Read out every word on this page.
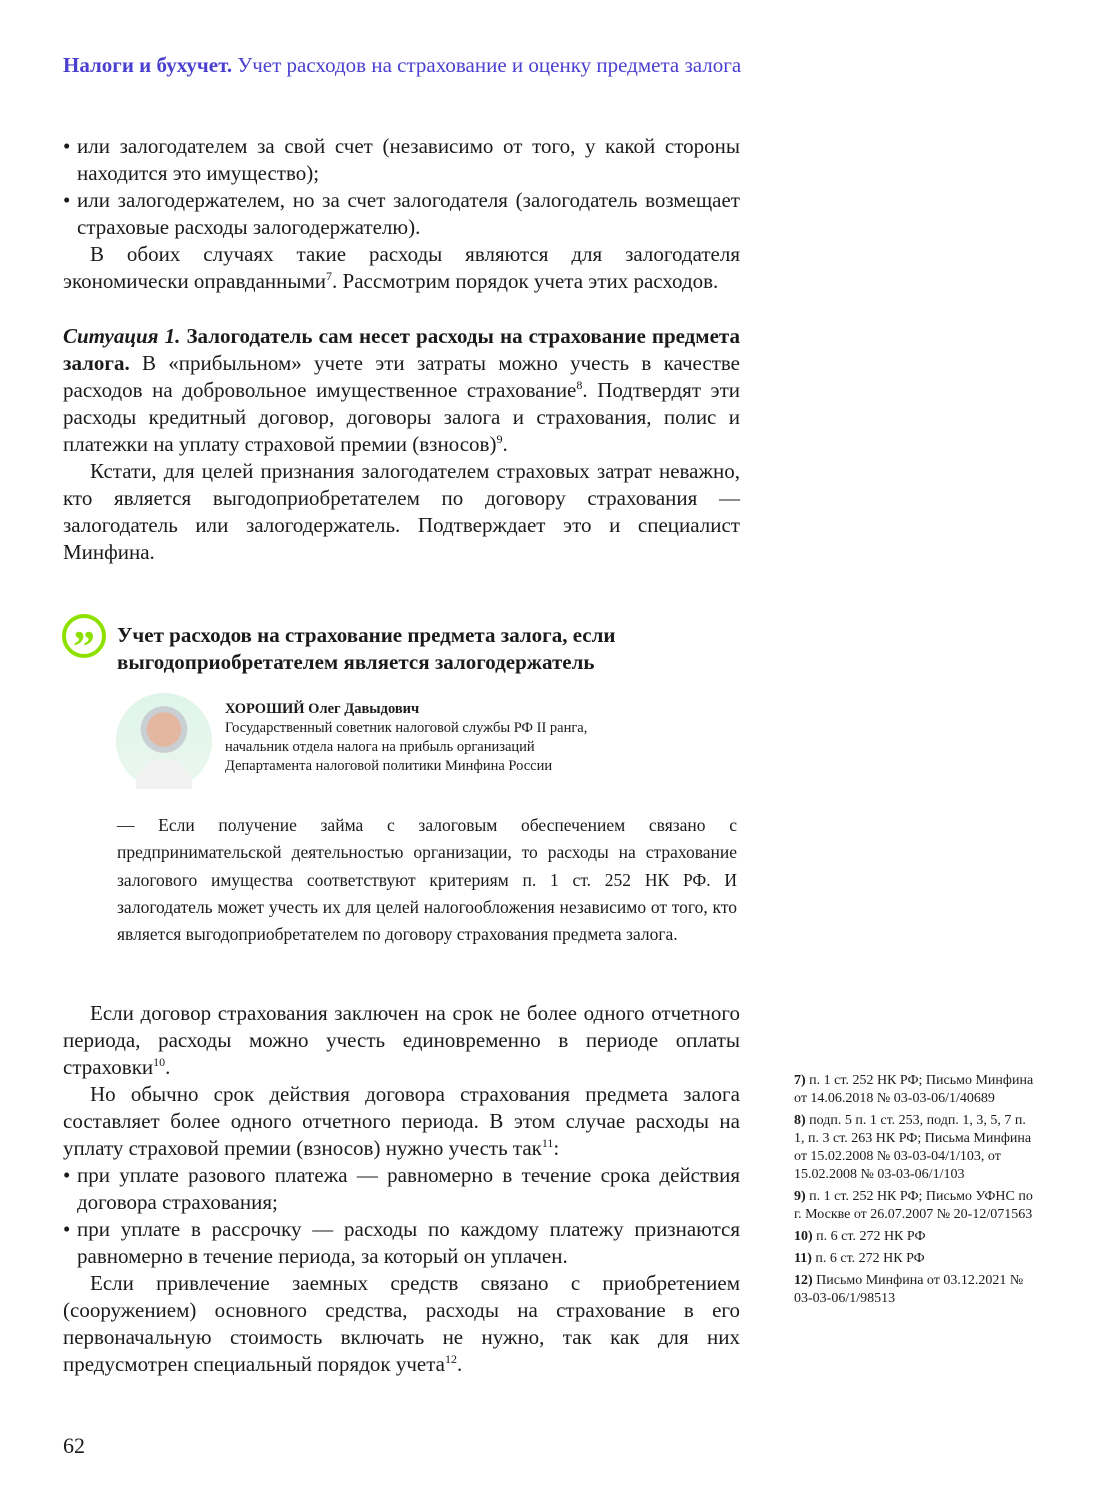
Налоги и бухучет. Учет расходов на страхование и оценку предмета залога

• или залогодателем за свой счет (независимо от того, у какой стороны находится это имущество);

• или залогодержателем, но за счет залогодателя (залогодатель возмещает страховые расходы залогодержателю).

В обоих случаях такие расходы являются для залогодателя экономически оправданными$^7$. Рассмотрим порядок учета этих расходов.

Ситуация 1. Залогодатель сам несет расходы на страхование предмета залога. В «прибыльном» учете эти затраты можно учесть в качестве расходов на добровольное имущественное страхование$^8$. Подтвердят эти расходы кредитный договор, договоры залога и страхования, полис и платежки на уплату страховой премии (взносов)$^9$.

Кстати, для целей признания залогодателем страховых затрат неважно, кто является выгодоприобретателем по договору страхования — залогодатель или залогодержатель. Подтверждает это и специалист Минфина.

”	Учет расходов на страхование предмета залога, если выгодоприобретателем является залогодержатель
ХОРОШИЙ Олег Давыдович
Государственный советник налоговой службы РФ II ранга,
начальник отдела налога на прибыль организаций
Департамента налоговой политики Минфина России
— Если получение займа с залоговым обеспечением связано с предпринимательской деятельностью организации, то расходы на страхование залогового имущества соответствуют критериям п. 1 ст. 252 НК РФ. И залогодатель может учесть их для целей налогообложения независимо от того, кто является выгодоприобретателем по договору страхования предмета залога.

Если договор страхования заключен на срок не более одного отчетного периода, расходы можно учесть единовременно в периоде оплаты страховки$^{10}$.

Но обычно срок действия договора страхования предмета залога составляет более одного отчетного периода. В этом случае расходы на уплату страховой премии (взносов) нужно учесть так$^{11}$:

• при уплате разового платежа — равномерно в течение срока действия договора страхования;

• при уплате в рассрочку — расходы по каждому платежу признаются равномерно в течение периода, за который он уплачен.

Если привлечение заемных средств связано с приобретением (сооружением) основного средства, расходы на страхование в его первоначальную стоимость включать не нужно, так как для них предусмотрен специальный порядок учета$^{12}$.

7) п. 1 ст. 252 НК РФ; Письмо Минфина от 14.06.2018 № 03-03-06/1/40689

8) подп. 5 п. 1 ст. 253, подп. 1, 3, 5, 7 п. 1, п. 3 ст. 263 НК РФ; Письма Минфина от 15.02.2008 № 03-03-04/1/103, от 15.02.2008 № 03-03-06/1/103

9) п. 1 ст. 252 НК РФ; Письмо УФНС по г. Москве от 26.07.2007 № 20-12/071563

10) п. 6 ст. 272 НК РФ

11) п. 6 ст. 272 НК РФ

12) Письмо Минфина от 03.12.2021 № 03-03-06/1/98513

62
